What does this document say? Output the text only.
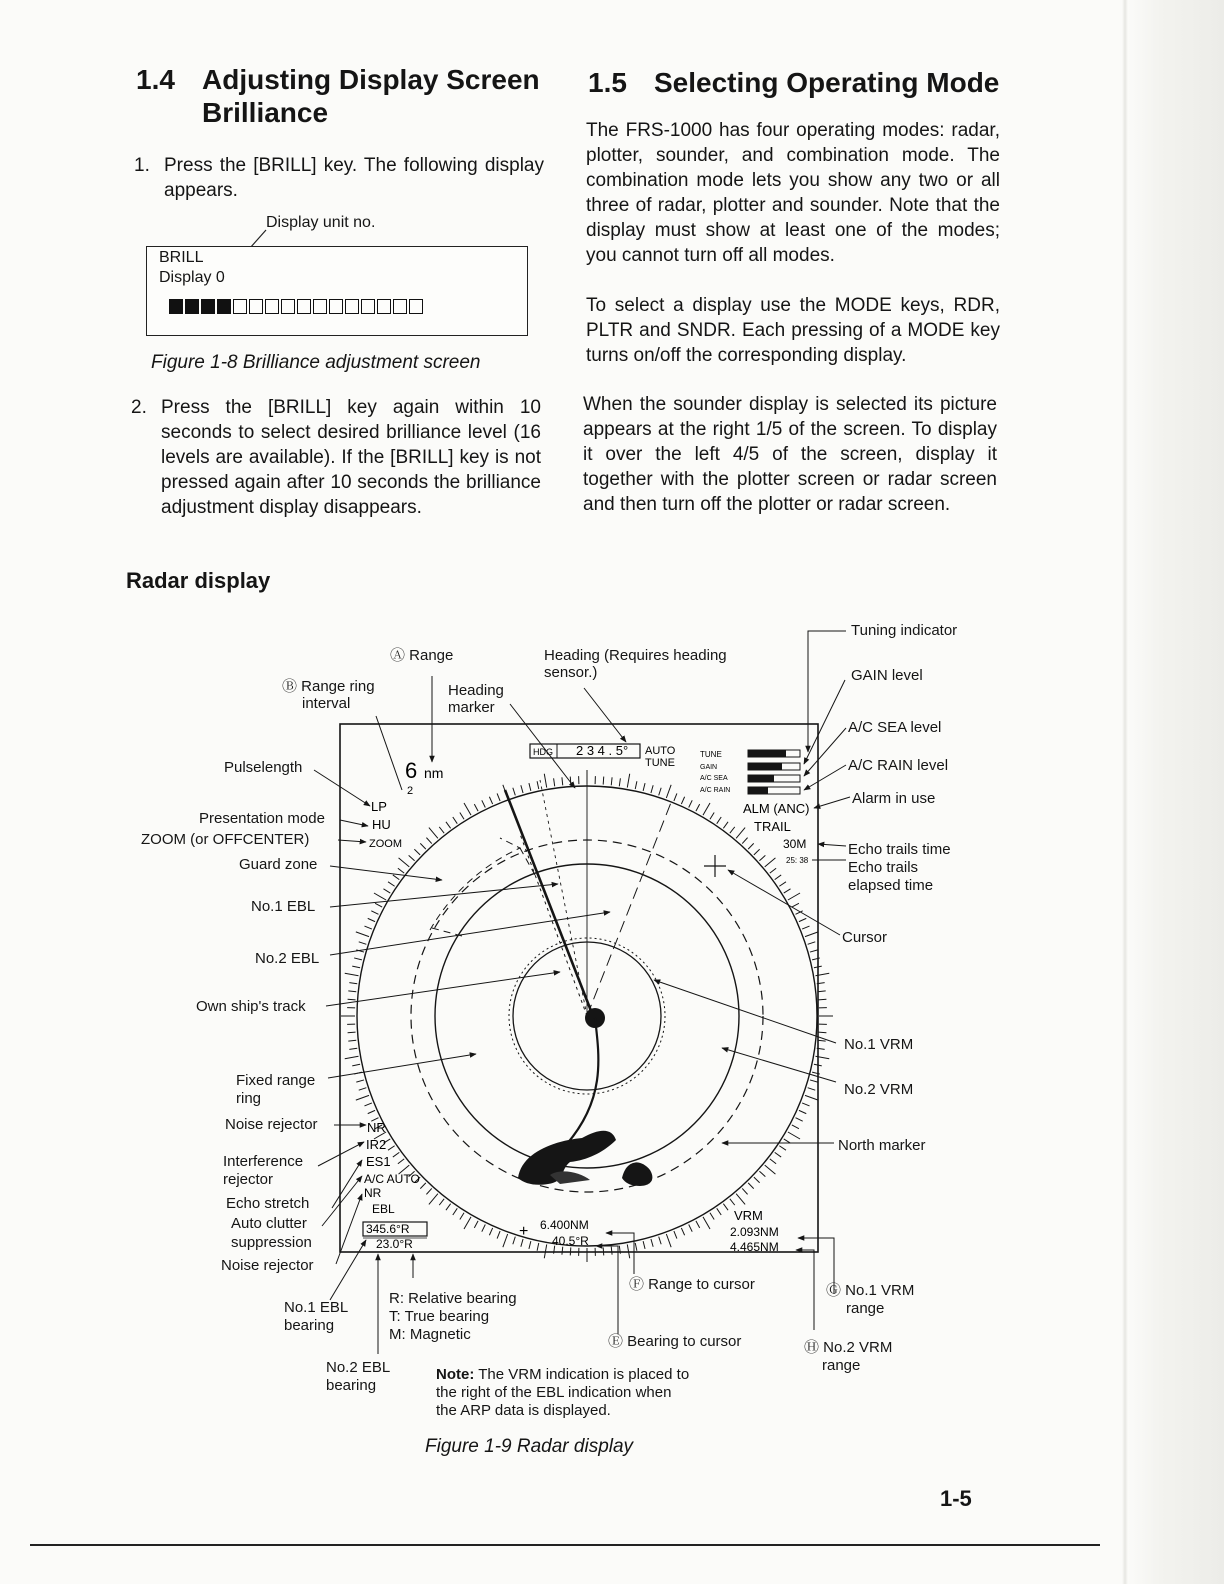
1.4 Adjusting Display Screen
Brilliance
1. Press the [BRILL] key. The following display appears.
Display unit no.
BRILL
Display 0
Figure 1-8 Brilliance adjustment screen
2. Press the [BRILL] key again within 10 seconds to select desired brilliance level (16 levels are available). If the [BRILL] key is not pressed again after 10 seconds the brilliance adjustment display disappears.
1.5 Selecting Operating Mode
The FRS-1000 has four operating modes: radar, plotter, sounder, and combination mode. The combination mode lets you show any two or all three of radar, plotter and sounder. Note that the display must show at least one of the modes; you cannot turn off all modes.
To select a display use the MODE keys, RDR, PLTR and SNDR. Each pressing of a MODE key turns on/off the corresponding display.
When the sounder display is selected its picture appears at the right 1/5 of the screen. To display it over the left 4/5 of the screen, display it together with the plotter screen or radar screen and then turn off the plotter or radar screen.
Radar display
6 nm
2
HDG 2 3 4 . 5° AUTO
TUNE
TUNE
GAIN
A/C SEA
A/C RAIN
LP
HU
ZOOM
ALM (ANC)
TRAIL
30M
25: 38
NR
IR2
ES1
A/C AUTO
NR
EBL
345.6°R
23.0°R
+ 6.400NM
40.5°R
VRM
2.093NM
4.465NM
Tuning indicator
Ⓐ Range	Heading (Requires heading
sensor.)
Ⓑ Range ring
interval
Heading
marker
GAIN level
A/C SEA level
A/C RAIN level
Alarm in use
Echo trails time
Echo trails
elapsed time
Cursor
No.1 VRM
No.2 VRM
North marker
Pulselength
Presentation mode
ZOOM (or OFFCENTER)
Guard zone
No.1 EBL
No.2 EBL
Own ship's track
Fixed range
ring
Noise rejector
Interference
rejector
Echo stretch
Auto clutter
suppression
Noise rejector
No.1 EBL
bearing
R: Relative bearing
T: True bearing
M: Magnetic
No.2 EBL
bearing
Ⓕ Range to cursor
Ⓔ Bearing to cursor
Ⓖ No.1 VRM
range
Ⓗ No.2 VRM
range
Note: The VRM indication is placed to
the right of the EBL indication when
the ARP data is displayed.
Figure 1-9 Radar display
1-5
